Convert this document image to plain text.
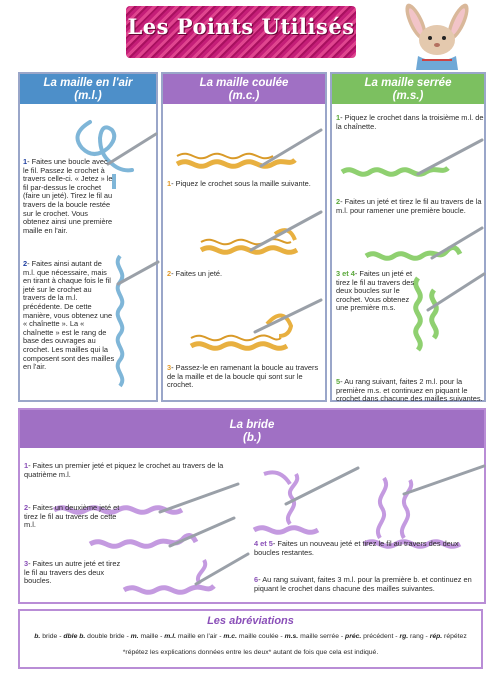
Les Points Utilisés
La maille en l'air
(m.l.)
1- Faites une boucle avec le fil. Passez le crochet à travers celle-ci. « Jetez » le fil par-dessus le crochet (faire un jeté). Tirez le fil au travers de la boucle restée sur le crochet. Vous obtenez ainsi une première maille en l'air.
2- Faites ainsi autant de m.l. que nécessaire, mais en tirant à chaque fois le fil jeté sur le crochet au travers de la m.l. précédente. De cette manière, vous obtenez une « chaînette ». La « chaînette » est le rang de base des ouvrages au crochet. Les mailles qui la composent sont des mailles en l'air.
La maille coulée
(m.c.)
1- Piquez le crochet sous la maille suivante.
2- Faites un jeté.
3- Passez-le en ramenant la boucle au travers de la maille et de la boucle qui sont sur le crochet.
La maille serrée
(m.s.)
1- Piquez le crochet dans la troisième m.l. de la chaînette.
2- Faites un jeté et tirez le fil au travers de la m.l. pour ramener une première boucle.
3 et 4- Faites un jeté et tirez le fil au travers des deux boucles sur le crochet. Vous obtenez une première m.s.
5- Au rang suivant, faites 2 m.l. pour la première m.s. et continuez en piquant le crochet dans chacune des mailles suivantes.
La bride
(b.)
1- Faites un premier jeté et piquez le crochet au travers de la quatrième m.l.
2- Faites un deuxième jeté et tirez le fil au travers de cette m.l.
3- Faites un autre jeté et tirez le fil au travers des deux boucles.
4 et 5- Faites un nouveau jeté et tirez le fil au travers des deux boucles restantes.
6- Au rang suivant, faites 3 m.l. pour la première b. et continuez en piquant le crochet dans chacune des mailles suivantes.
Les abréviations
b. bride - dble b. double bride - m. maille - m.l. maille en l'air - m.c. maille coulée - m.s. maille serrée - préc. précédent - rg. rang - rép. répétez
*répétez les explications données entre les deux* autant de fois que cela est indiqué.
